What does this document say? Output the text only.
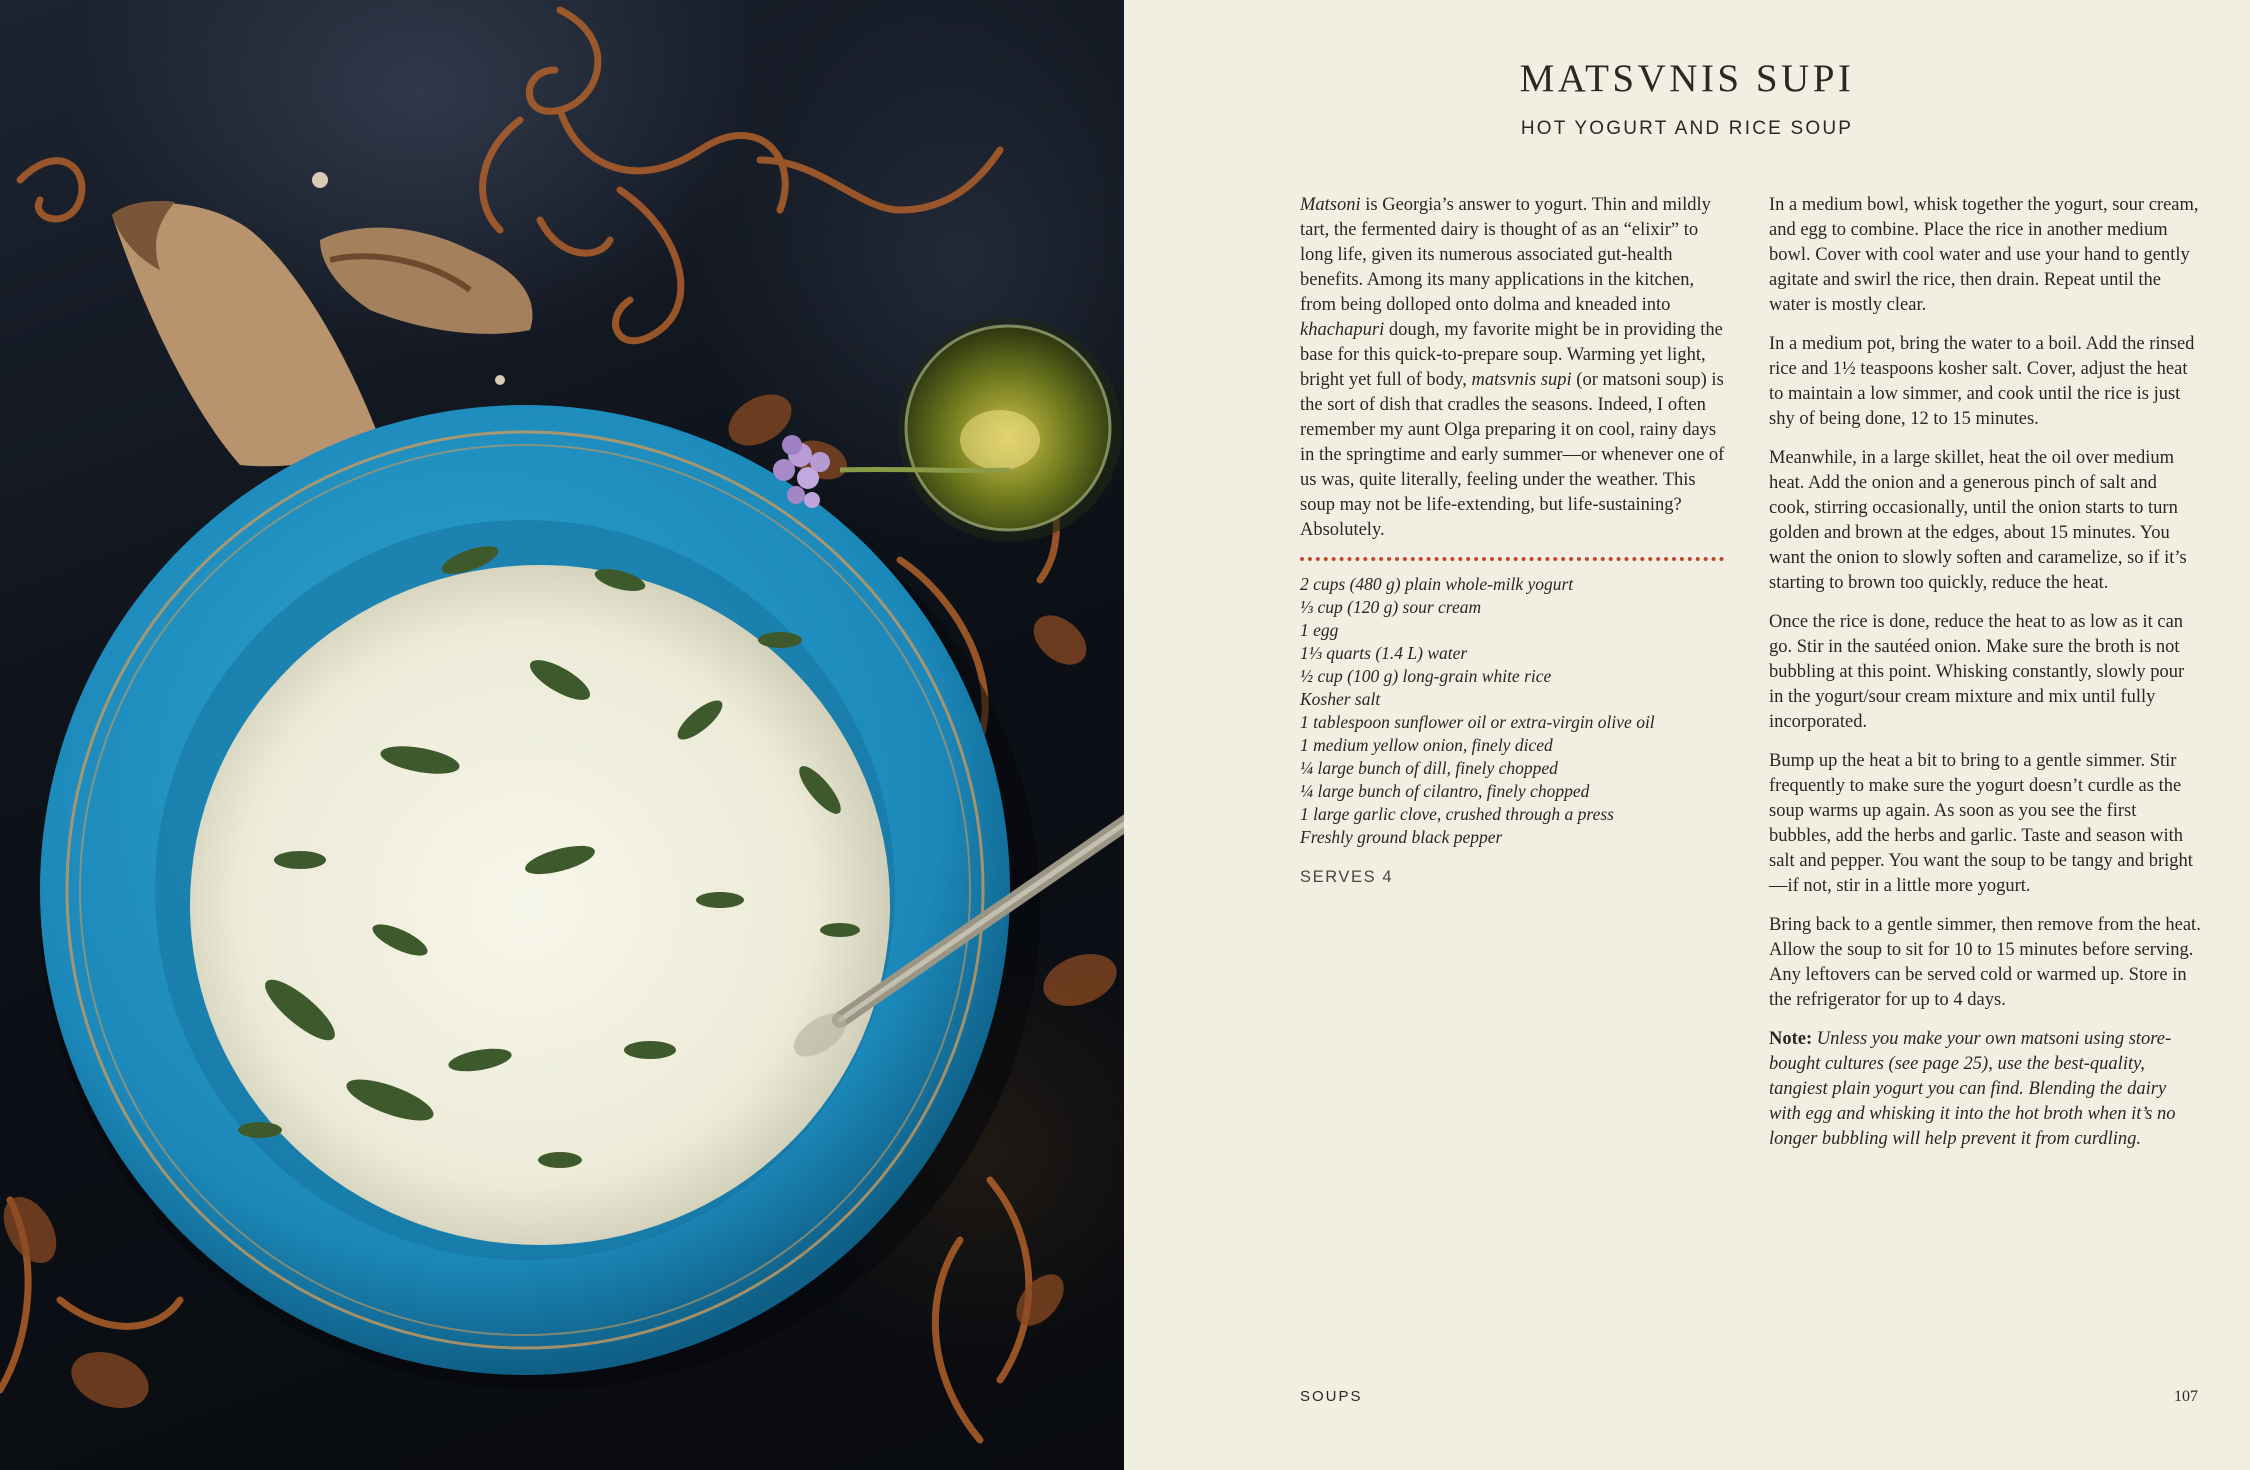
MATSVNIS SUPI
HOT YOGURT AND RICE SOUP

Matsoni is Georgia’s answer to yogurt. Thin and mildly tart, the fermented dairy is thought of as an “elixir” to long life, given its numerous associated gut-health benefits. Among its many applications in the kitchen, from being dolloped onto dolma and kneaded into khachapuri dough, my favorite might be in providing the base for this quick-to-prepare soup. Warming yet light, bright yet full of body, matsvnis supi (or matsoni soup) is the sort of dish that cradles the seasons. Indeed, I often remember my aunt Olga preparing it on cool, rainy days in the springtime and early summer—or whenever one of us was, quite literally, feeling under the weather. This soup may not be life-extending, but life-sustaining? Absolutely.

2 cups (480 g) plain whole-milk yogurt
⅓ cup (120 g) sour cream
1 egg
1⅓ quarts (1.4 L) water
½ cup (100 g) long-grain white rice
Kosher salt
1 tablespoon sunflower oil or extra-virgin olive oil
1 medium yellow onion, finely diced
¼ large bunch of dill, finely chopped
¼ large bunch of cilantro, finely chopped
1 large garlic clove, crushed through a press
Freshly ground black pepper
SERVES 4

In a medium bowl, whisk together the yogurt, sour cream, and egg to combine. Place the rice in another medium bowl. Cover with cool water and use your hand to gently agitate and swirl the rice, then drain. Repeat until the water is mostly clear.

In a medium pot, bring the water to a boil. Add the rinsed rice and 1½ teaspoons kosher salt. Cover, adjust the heat to maintain a low simmer, and cook until the rice is just shy of being done, 12 to 15 minutes.

Meanwhile, in a large skillet, heat the oil over medium heat. Add the onion and a generous pinch of salt and cook, stirring occasionally, until the onion starts to turn golden and brown at the edges, about 15 minutes. You want the onion to slowly soften and caramelize, so if it’s starting to brown too quickly, reduce the heat.

Once the rice is done, reduce the heat to as low as it can go. Stir in the sautéed onion. Make sure the broth is not bubbling at this point. Whisking constantly, slowly pour in the yogurt/sour cream mixture and mix until fully incorporated.

Bump up the heat a bit to bring to a gentle simmer. Stir frequently to make sure the yogurt doesn’t curdle as the soup warms up again. As soon as you see the first bubbles, add the herbs and garlic. Taste and season with salt and pepper. You want the soup to be tangy and bright—if not, stir in a little more yogurt.

Bring back to a gentle simmer, then remove from the heat. Allow the soup to sit for 10 to 15 minutes before serving. Any leftovers can be served cold or warmed up. Store in the refrigerator for up to 4 days.

Note: Unless you make your own matsoni using store-bought cultures (see page 25), use the best-quality, tangiest plain yogurt you can find. Blending the dairy with egg and whisking it into the hot broth when it’s no longer bubbling will help prevent it from curdling.

SOUPS	107
